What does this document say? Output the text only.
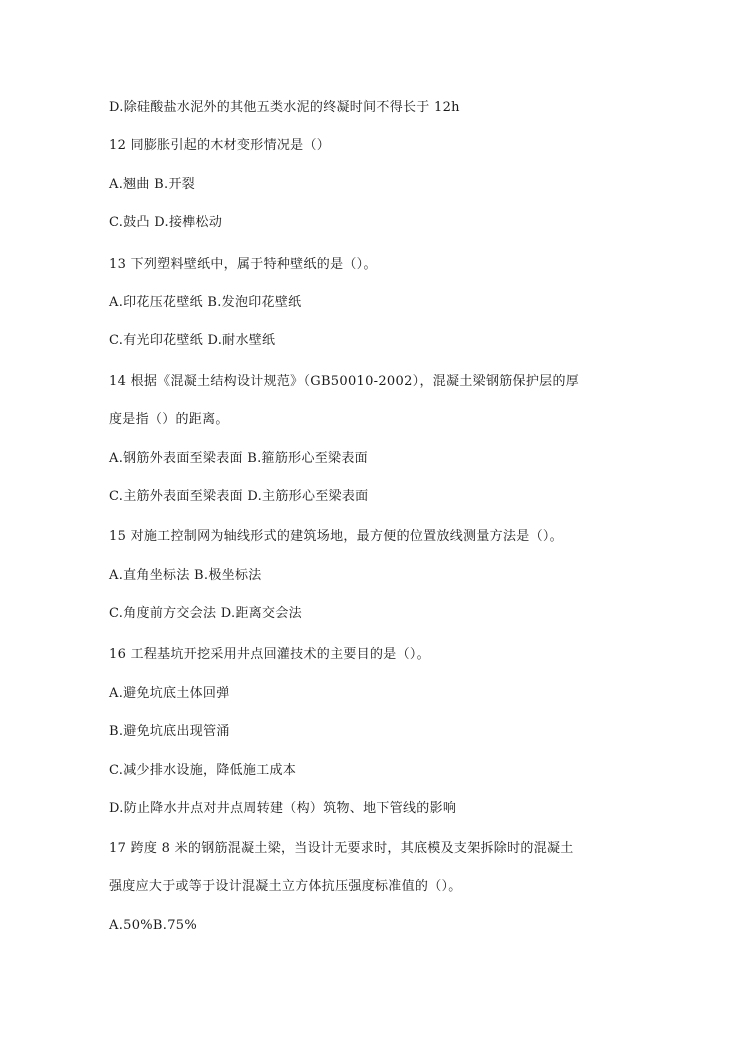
D.除硅酸盐水泥外的其他五类水泥的终凝时间不得长于 12h
12 同膨胀引起的木材变形情况是（）
A.翘曲 B.开裂
C.鼓凸 D.接榫松动
13 下列塑料壁纸中，属于特种壁纸的是（）。
A.印花压花壁纸 B.发泡印花壁纸
C.有光印花壁纸 D.耐水壁纸
14 根据《混凝土结构设计规范》（GB50010-2002），混凝土梁钢筋保护层的厚
度是指（）的距离。
A.钢筋外表面至梁表面 B.箍筋形心至梁表面
C.主筋外表面至梁表面 D.主筋形心至梁表面
15 对施工控制网为轴线形式的建筑场地，最方便的位置放线测量方法是（）。
A.直角坐标法 B.极坐标法
C.角度前方交会法 D.距离交会法
16 工程基坑开挖采用井点回灌技术的主要目的是（）。
A.避免坑底土体回弹
B.避免坑底出现管涌
C.减少排水设施，降低施工成本
D.防止降水井点对井点周转建（构）筑物、地下管线的影响
17 跨度 8 米的钢筋混凝土梁，当设计无要求时，其底模及支架拆除时的混凝土
强度应大于或等于设计混凝土立方体抗压强度标准值的（）。
A.50%B.75%
